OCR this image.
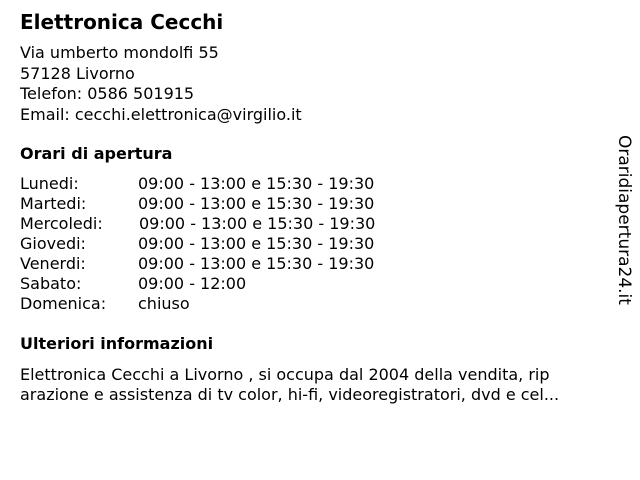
Elettronica Cecchi
Via umberto mondolfi 55
57128 Livorno
Telefon: 0586 501915
Email: cecchi.elettronica@virgilio.it
Orari di apertura
Lunedi:	09:00 - 13:00 e 15:30 - 19:30
Martedi:	09:00 - 13:00 e 15:30 - 19:30
Mercoledi: 09:00 - 13:00 e 15:30 - 19:30
Giovedi:	09:00 - 13:00 e 15:30 - 19:30
Venerdi:	09:00 - 13:00 e 15:30 - 19:30
Sabato:	09:00 - 12:00
Domenica: chiuso
Ulteriori informazioni
Elettronica Cecchi a Livorno , si occupa dal 2004 della vendita, rip
arazione e assistenza di tv color, hi-fi, videoregistratori, dvd e cel...
Oraridiapertura24.it
